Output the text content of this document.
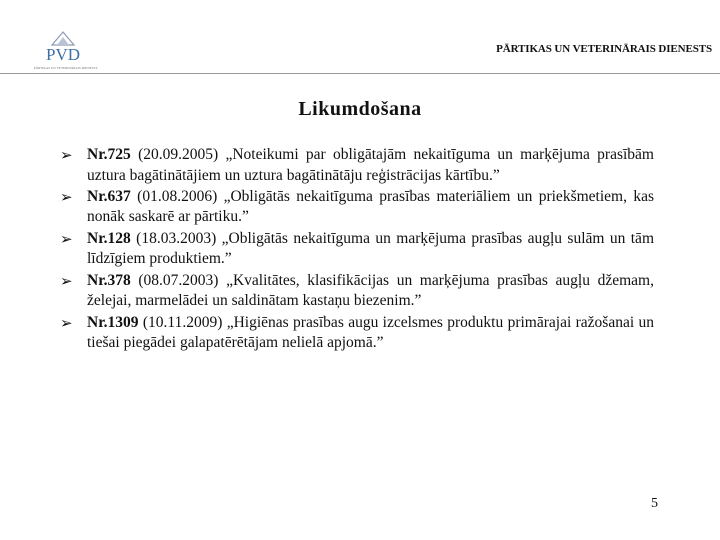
PVD
PĀRTIKAS UN VETERINĀRAIS DIENESTS
PĀRTIKAS UN VETERINĀRAIS DIENESTS
Likumdošana
➢ Nr.725 (20.09.2005) „Noteikumi par obligātajām nekaitīguma un marķējuma prasībām uztura bagātinātājiem un uztura bagātinātāju reģistrācijas kārtību.”
➢ Nr.637 (01.08.2006) „Obligātās nekaitīguma prasības materiāliem un priekšmetiem, kas nonāk saskarē ar pārtiku.”
➢ Nr.128 (18.03.2003) „Obligātās nekaitīguma un marķējuma prasības augļu sulām un tām līdzīgiem produktiem.”
➢ Nr.378 (08.07.2003) „Kvalitātes, klasifikācijas un marķējuma prasības augļu džemam, želejai, marmelādei un saldinātam kastaņu biezenim.”
➢ Nr.1309 (10.11.2009) „Higiēnas prasības augu izcelsmes produktu primārajai ražošanai un tiešai piegādei galapatērētājam nelielā apjomā.”
5
